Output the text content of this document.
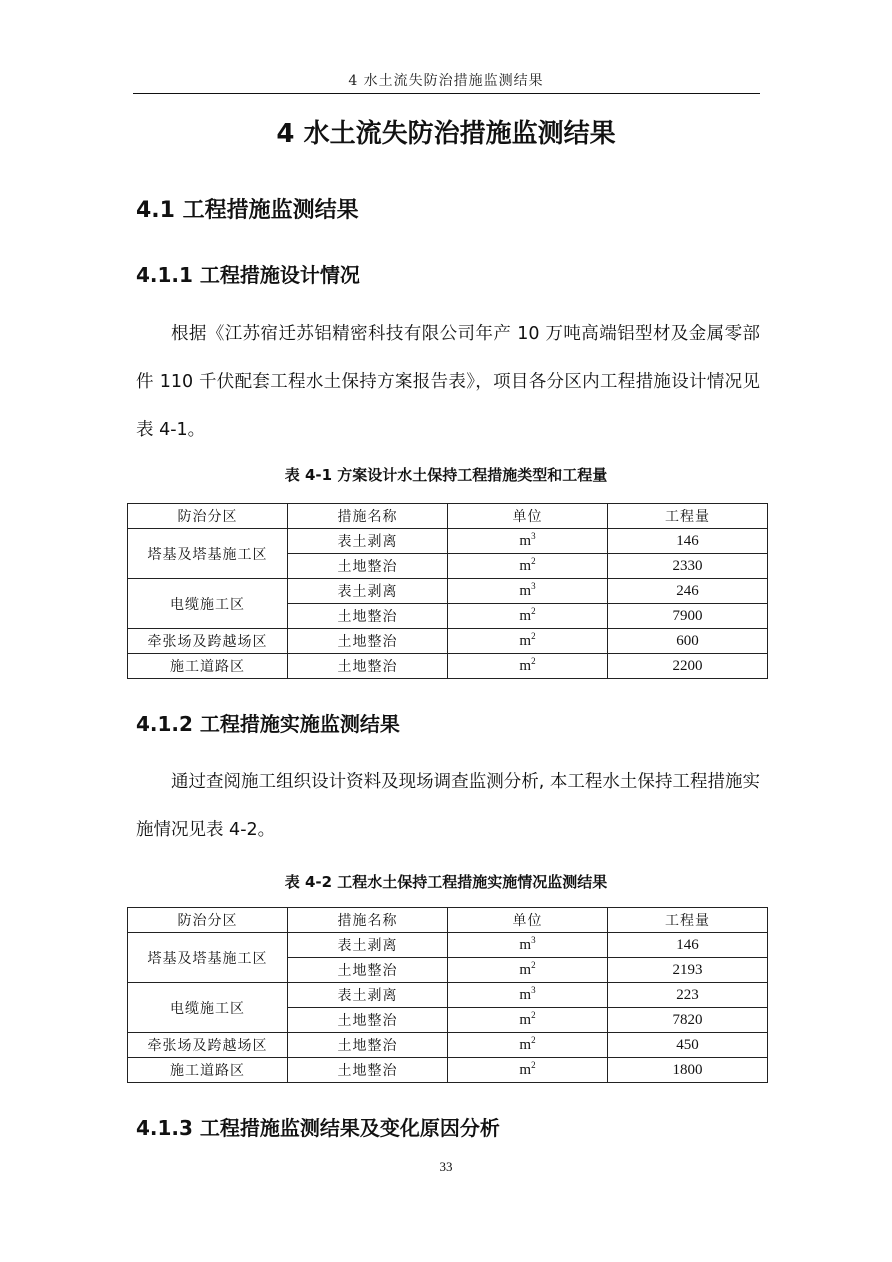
4 水土流失防治措施监测结果
4 水土流失防治措施监测结果
4.1 工程措施监测结果
4.1.1 工程措施设计情况
根据《江苏宿迁苏铝精密科技有限公司年产 10 万吨高端铝型材及金属零部件 110 千伏配套工程水土保持方案报告表》，项目各分区内工程措施设计情况见表 4-1。
表 4-1 方案设计水土保持工程措施类型和工程量
防治分区	措施名称	单位	工程量
塔基及塔基施工区	表土剥离	$m^3$	146
	土地整治	$m^2$	2330
电缆施工区	表土剥离	$m^3$	246
	土地整治	$m^2$	7900
牵张场及跨越场区	土地整治	$m^2$	600
施工道路区	土地整治	$m^2$	2200
4.1.2 工程措施实施监测结果
通过查阅施工组织设计资料及现场调查监测分析, 本工程水土保持工程措施实施情况见表 4-2。
表 4-2 工程水土保持工程措施实施情况监测结果
防治分区	措施名称	单位	工程量
塔基及塔基施工区	表土剥离	$m^3$	146
	土地整治	$m^2$	2193
电缆施工区	表土剥离	$m^3$	223
	土地整治	$m^2$	7820
牵张场及跨越场区	土地整治	$m^2$	450
施工道路区	土地整治	$m^2$	1800
4.1.3 工程措施监测结果及变化原因分析
33
